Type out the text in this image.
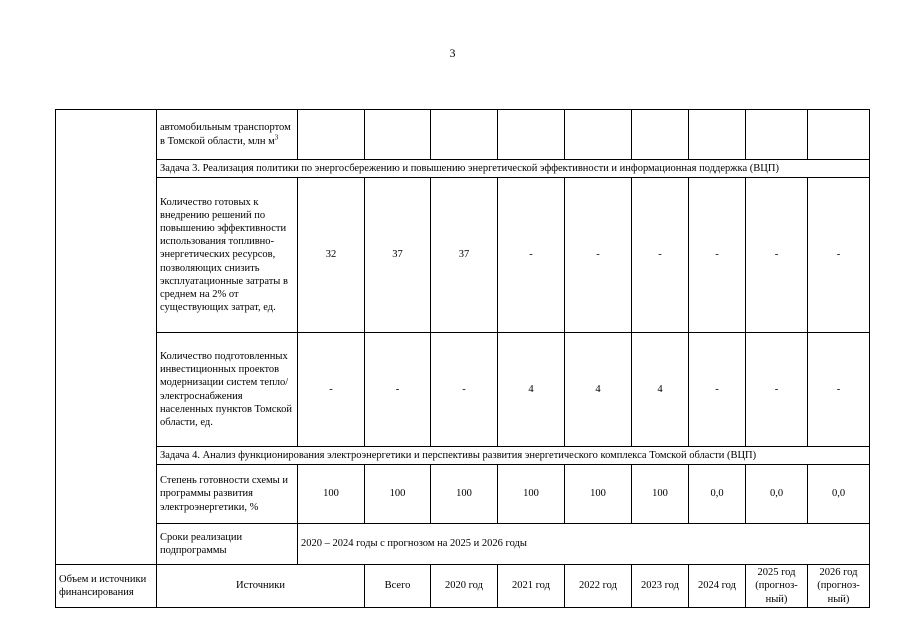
3
	автомобильным транспортом в Томской области, млн $м^3$									
	Задача 3. Реализация политики по энергосбережению и повышению энергетической эффективности и информационная поддержка (ВЦП)									
	Количество готовых к внедрению решений по повышению эффективности использования топливно-энергетических ресурсов, позволяющих снизить эксплуатационные затраты в среднем на 2% от существующих затрат, ед.	32	37	37	-	-	-	-	-	-
	Количество подготовленных инвестиционных проектов модернизации систем тепло/электроснабжения населенных пунктов Томской области, ед.	-	-	-	4	4	4	-	-	-
	Задача 4. Анализ функционирования электроэнергетики и перспективы развития энергетического комплекса Томской области (ВЦП)									
	Степень готовности схемы и программы развития электроэнергетики, %	100	100	100	100	100	100	0,0	0,0	0,0
	Сроки реализации подпрограммы	2020 – 2024 годы с прогнозом на 2025 и 2026 годы								
Объем и источники финансирования	Источники		Всего	2020 год	2021 год	2022 год	2023 год	2024 год	2025 год (прогноз-ный)	2026 год (прогноз-ный)
